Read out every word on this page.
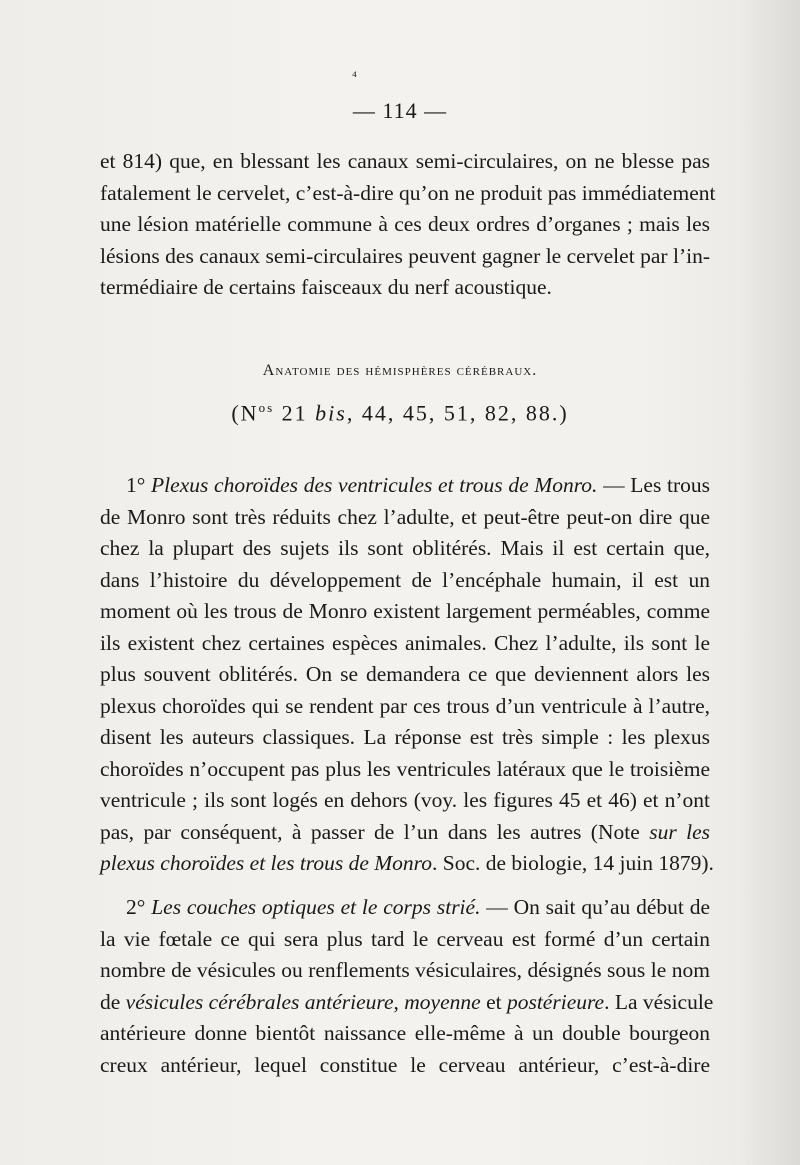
⁴
— 114 —
et 814) que, en blessant les canaux semi-circulaires, on ne blesse pas
fatalement le cervelet, c’est-à-dire qu’on ne produit pas immédiatement
une lésion matérielle commune à ces deux ordres d’organes ; mais les
lésions des canaux semi-circulaires peuvent gagner le cervelet par l’in-
termédiaire de certains faisceaux du nerf acoustique.
Anatomie des hémisphères cérébraux.
($N^{os}$ 21 bis, 44, 45, 51, 82, 88.)
1° Plexus choroïdes des ventricules et trous de Monro. — Les trous
de Monro sont très réduits chez l’adulte, et peut-être peut-on dire que
chez la plupart des sujets ils sont oblitérés. Mais il est certain que,
dans l’histoire du développement de l’encéphale humain, il est un
moment où les trous de Monro existent largement perméables, comme
ils existent chez certaines espèces animales. Chez l’adulte, ils sont le
plus souvent oblitérés. On se demandera ce que deviennent alors les
plexus choroïdes qui se rendent par ces trous d’un ventricule à l’autre,
disent les auteurs classiques. La réponse est très simple : les plexus
choroïdes n’occupent pas plus les ventricules latéraux que le troisième
ventricule ; ils sont logés en dehors (voy. les figures 45 et 46) et n’ont
pas, par conséquent, à passer de l’un dans les autres (Note sur les
plexus choroïdes et les trous de Monro. Soc. de biologie, 14 juin 1879).
2° Les couches optiques et le corps strié. — On sait qu’au début de
la vie fœtale ce qui sera plus tard le cerveau est formé d’un certain
nombre de vésicules ou renflements vésiculaires, désignés sous le nom
de vésicules cérébrales antérieure, moyenne et postérieure. La vésicule
antérieure donne bientôt naissance elle-même à un double bourgeon
creux antérieur, lequel constitue le cerveau antérieur, c’est-à-dire
